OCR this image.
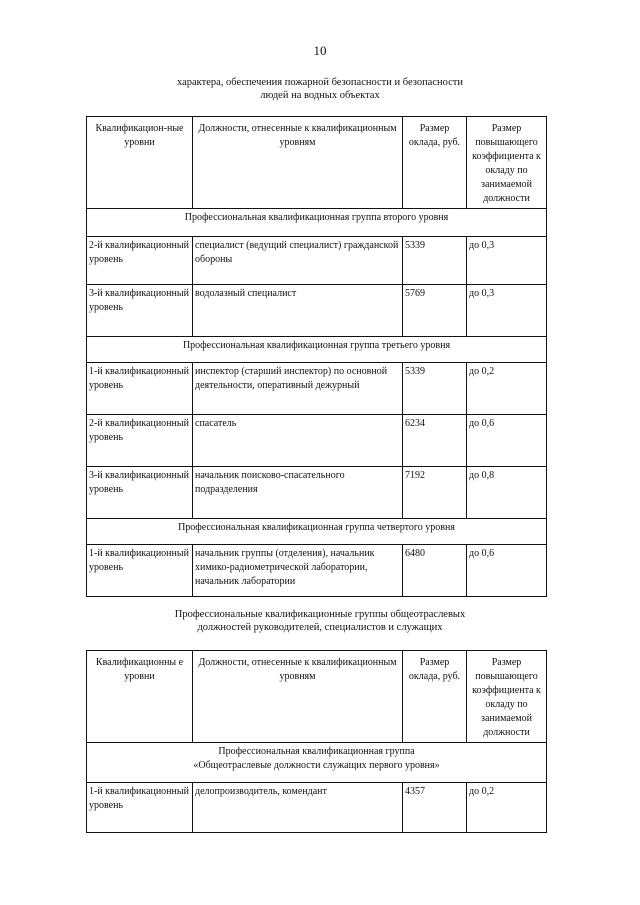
10
характера, обеспечения пожарной безопасности и безопасности
людей на водных объектах
Квалификацион-ные уровни	Должности, отнесенные к квалификационным уровням	Размер оклада, руб.	Размер повышающего коэффициента к окладу по занимаемой должности
Профессиональная квалификационная группа второго уровня			
2-й квалификационный уровень	специалист (ведущий специалист) гражданской обороны	5339	до 0,3
3-й квалификационный уровень	водолазный специалист	5769	до 0,3
Профессиональная квалификационная группа третьего уровня			
1-й квалификационный уровень	инспектор (старший инспектор) по основной деятельности, оперативный дежурный	5339	до 0,2
2-й квалификационный уровень	спасатель	6234	до 0,6
3-й квалификационный уровень	начальник поисково-спасательного подразделения	7192	до 0,8
Профессиональная квалификационная группа четвертого уровня			
1-й квалификационный уровень	начальник группы (отделения), начальник химико-радиометрической лаборатории, начальник лаборатории	6480	до 0,6
Профессиональные квалификационные группы общеотраслевых
должностей руководителей, специалистов и служащих
Квалификационны е уровни	Должности, отнесенные к квалификационным уровням	Размер оклада, руб.	Размер повышающего коэффициента к окладу по занимаемой должности

Профессиональная квалификационная группа
«Общеотраслевые должности служащих первого уровня»			

1-й квалификационный уровень	делопроизводитель, комендант	4357	до 0,2
